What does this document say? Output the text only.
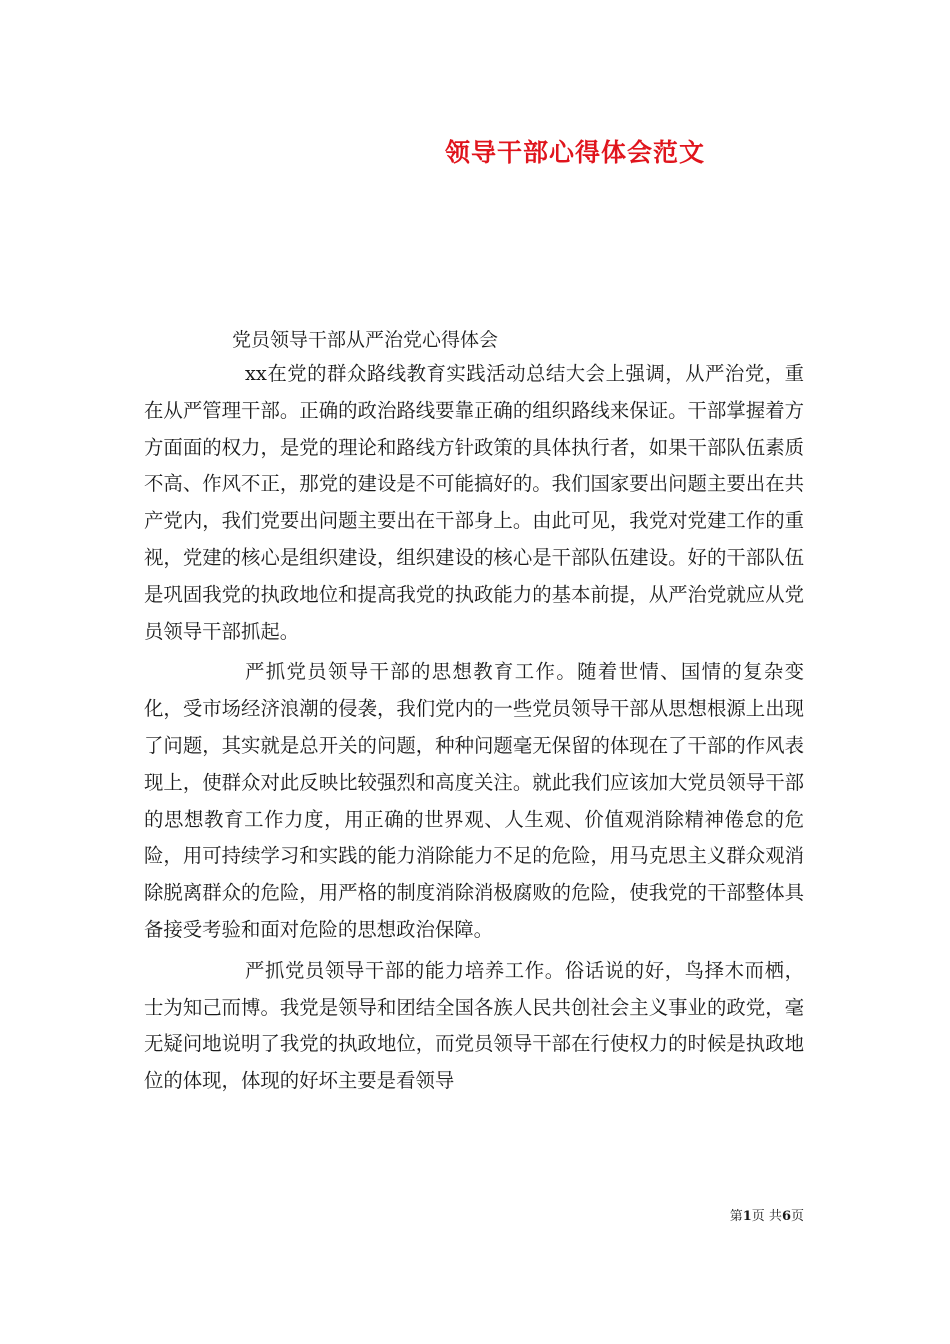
领导干部心得体会范文
党员领导干部从严治党心得体会

xx在党的群众路线教育实践活动总结大会上强调，从严治党，重在从严管理干部。正确的政治路线要靠正确的组织路线来保证。干部掌握着方方面面的权力，是党的理论和路线方针政策的具体执行者，如果干部队伍素质不高、作风不正，那党的建设是不可能搞好的。我们国家要出问题主要出在共产党内，我们党要出问题主要出在干部身上。由此可见，我党对党建工作的重视，党建的核心是组织建设，组织建设的核心是干部队伍建设。好的干部队伍是巩固我党的执政地位和提高我党的执政能力的基本前提，从严治党就应从党员领导干部抓起。

严抓党员领导干部的思想教育工作。随着世情、国情的复杂变化，受市场经济浪潮的侵袭，我们党内的一些党员领导干部从思想根源上出现了问题，其实就是总开关的问题，种种问题毫无保留的体现在了干部的作风表现上，使群众对此反映比较强烈和高度关注。就此我们应该加大党员领导干部的思想教育工作力度，用正确的世界观、人生观、价值观消除精神倦怠的危险，用可持续学习和实践的能力消除能力不足的危险，用马克思主义群众观消除脱离群众的危险，用严格的制度消除消极腐败的危险，使我党的干部整体具备接受考验和面对危险的思想政治保障。

严抓党员领导干部的能力培养工作。俗话说的好，鸟择木而栖，士为知己而博。我党是领导和团结全国各族人民共创社会主义事业的政党，毫无疑问地说明了我党的执政地位，而党员领导干部在行使权力的时候是执政地位的体现，体现的好坏主要是看领导

第1页 共6页
